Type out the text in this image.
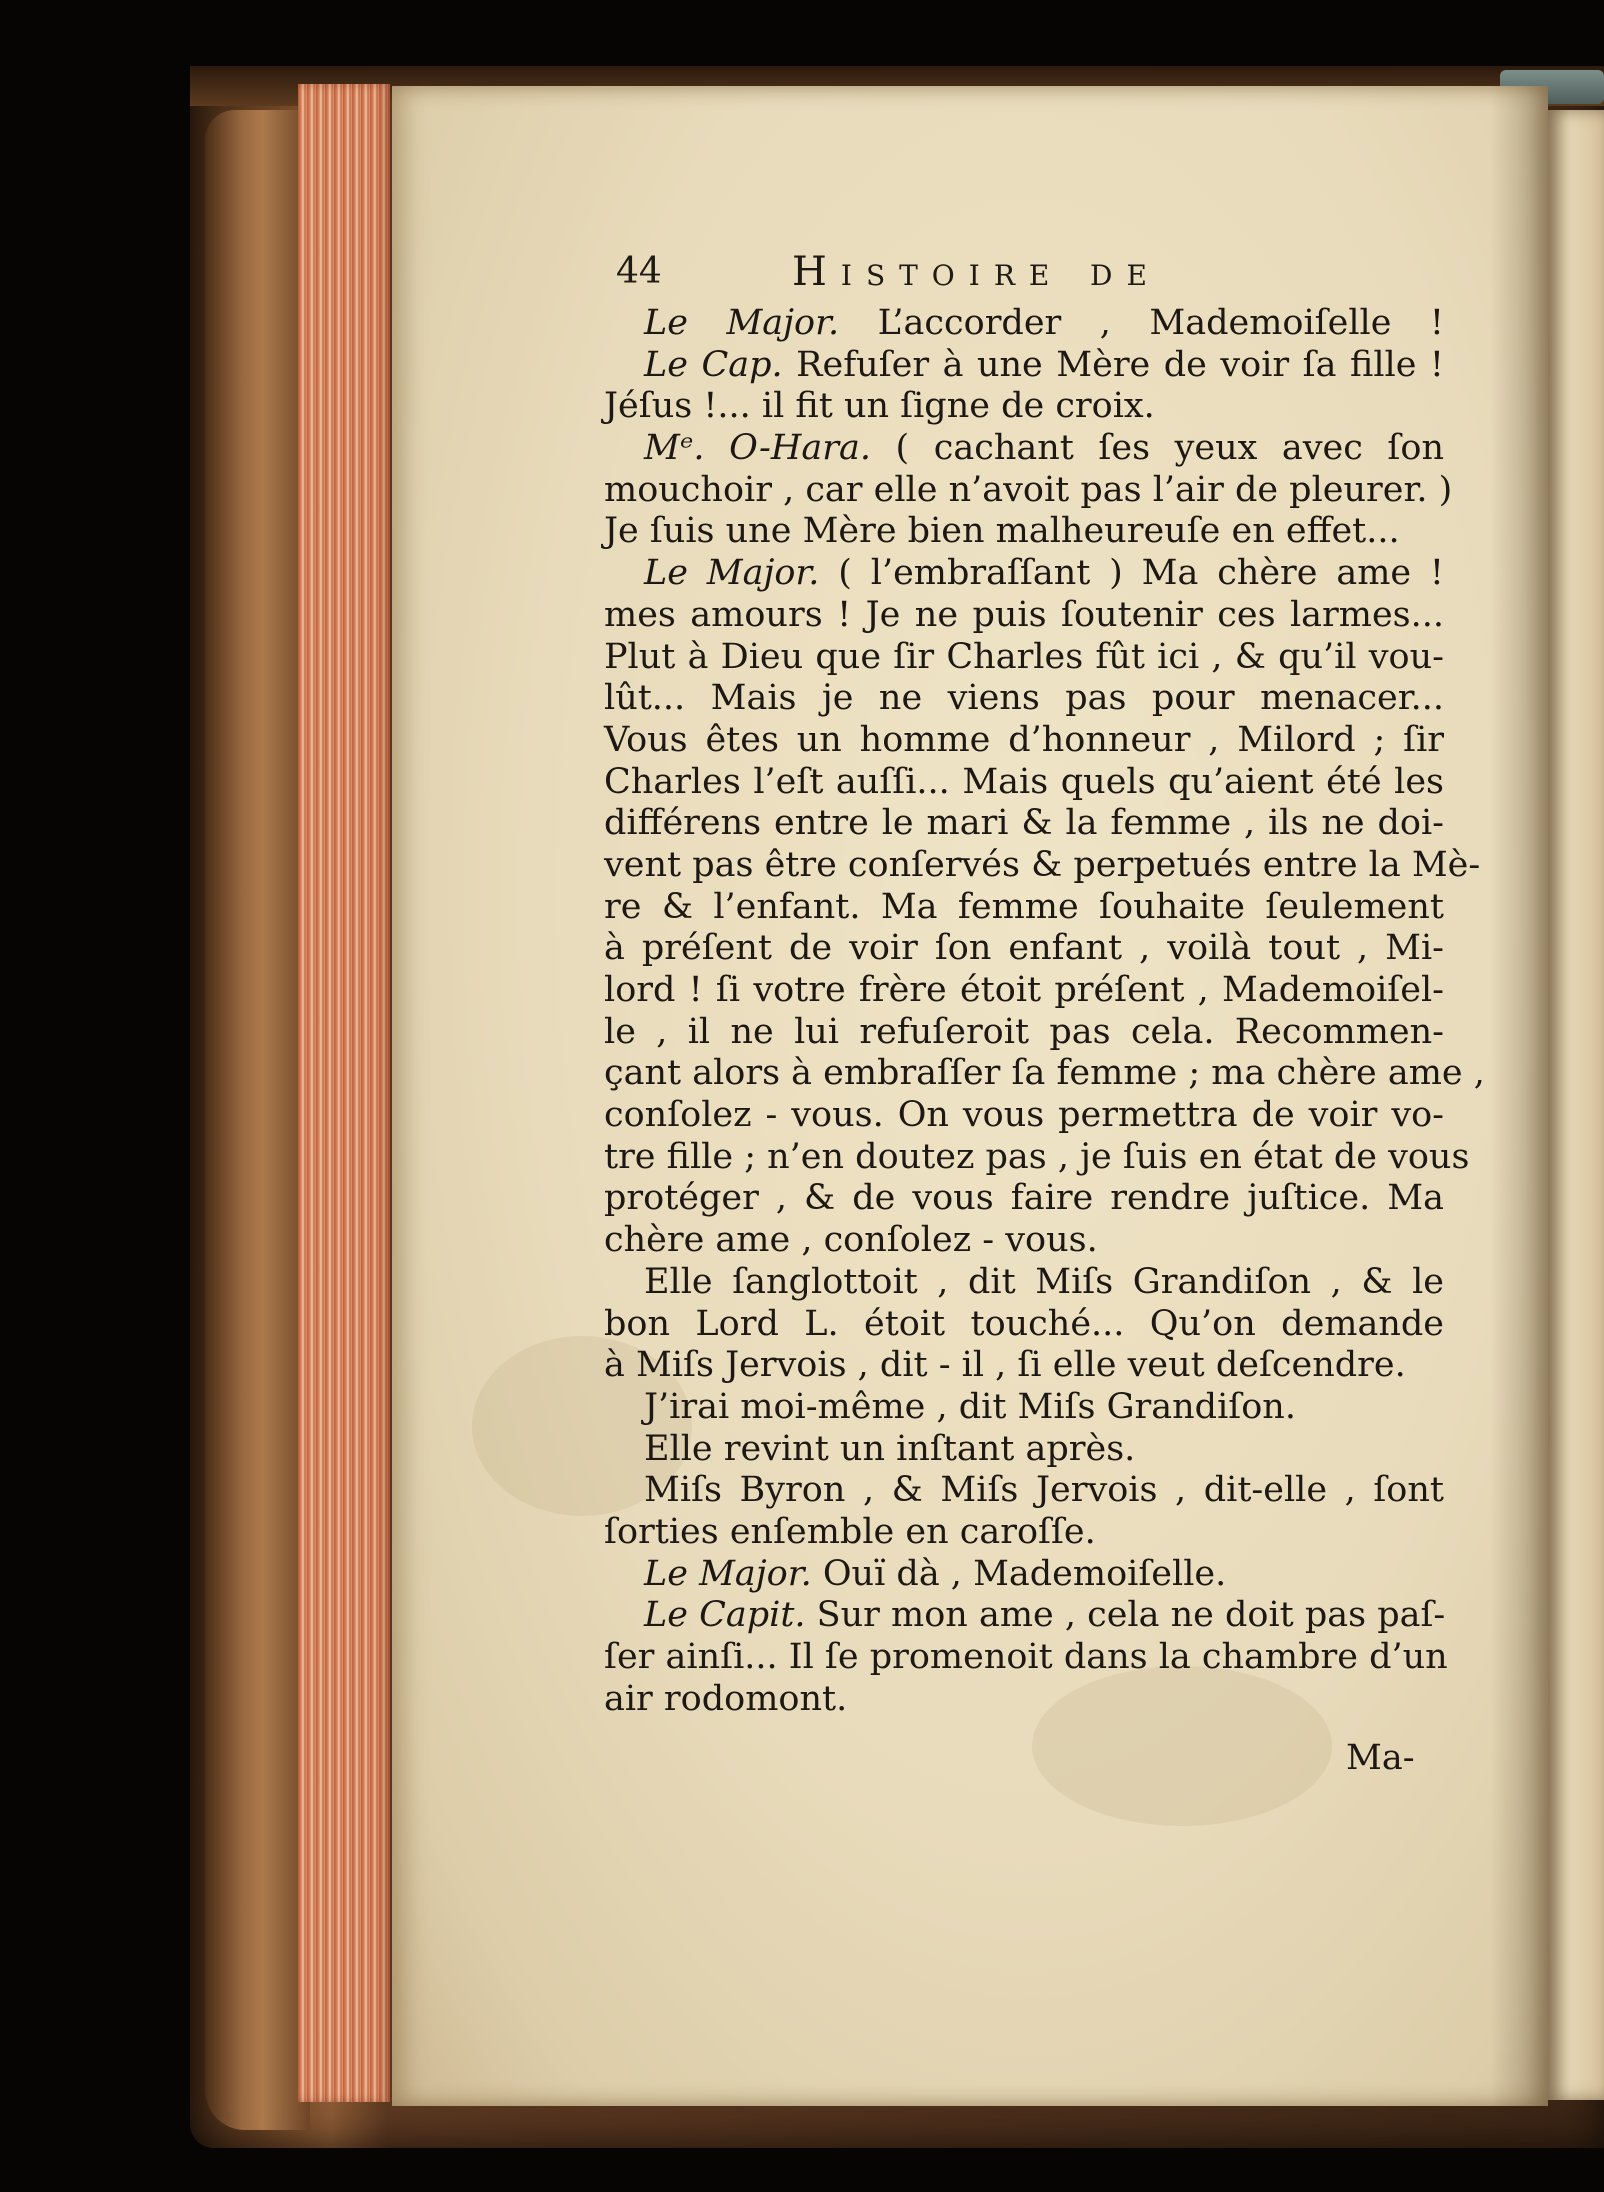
44	Histoire de
Le Major. L’accorder , Mademoiſelle !
Le Cap. Refuſer à une Mère de voir ſa fille !
Jéſus !... il fit un ſigne de croix.
Mᵉ. O-Hara. ( cachant ſes yeux avec ſon
mouchoir , car elle n’avoit pas l’air de pleurer. )
Je ſuis une Mère bien malheureuſe en effet...
Le Major. ( l’embraſſant ) Ma chère ame !
mes amours ! Je ne puis ſoutenir ces larmes...
Plut à Dieu que ſir Charles fût ici , & qu’il vou-
lût... Mais je ne viens pas pour menacer...
Vous êtes un homme d’honneur , Milord ; ſir
Charles l’eſt auſſi... Mais quels qu’aient été les
différens entre le mari & la femme , ils ne doi-
vent pas être conſervés & perpetués entre la Mè-
re & l’enfant. Ma femme ſouhaite ſeulement
à préſent de voir ſon enfant , voilà tout , Mi-
lord ! ſi votre frère étoit préſent , Mademoiſel-
le , il ne lui refuſeroit pas cela. Recommen-
çant alors à embraſſer ſa femme ; ma chère ame ,
conſolez - vous. On vous permettra de voir vo-
tre fille ; n’en doutez pas , je ſuis en état de vous
protéger , & de vous faire rendre juſtice. Ma
chère ame , conſolez - vous.
Elle ſanglottoit , dit Miſs Grandiſon , & le
bon Lord L. étoit touché... Qu’on demande
à Miſs Jervois , dit - il , ſi elle veut deſcendre.
J’irai moi-même , dit Miſs Grandiſon.
Elle revint un inſtant après.
Miſs Byron , & Miſs Jervois , dit-elle , ſont
ſorties enſemble en caroſſe.
Le Major. Ouï dà , Mademoiſelle.
Le Capit. Sur mon ame , cela ne doit pas paſ-
ſer ainſi... Il ſe promenoit dans la chambre d’un
air rodomont.
Ma-
